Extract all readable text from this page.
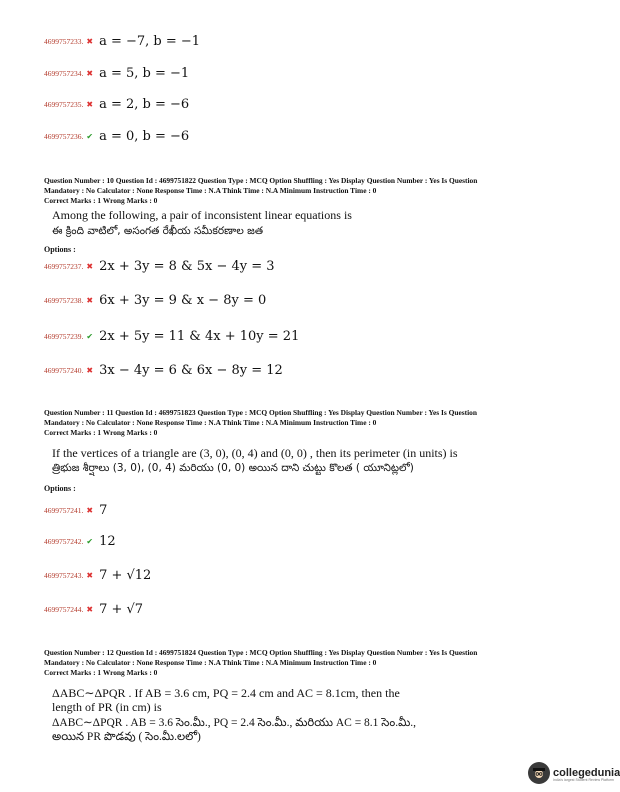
4699757233. ✖ a = −7, b = −1
4699757234. ✖ a = 5, b = −1
4699757235. ✖ a = 2, b = −6
4699757236. ✔ a = 0, b = −6
Question Number : 10 Question Id : 4699751822 Question Type : MCQ Option Shuffling : Yes Display Question Number : Yes Is Question
Mandatory : No Calculator : None Response Time : N.A Think Time : N.A Minimum Instruction Time : 0
Correct Marks : 1 Wrong Marks : 0
Among the following, a pair of inconsistent linear equations is
ఈ క్రింది వాటిలో, అసంగత రేఖీయ సమీకరణాల జత
Options :
4699757237. ✖ 2x + 3y = 8 & 5x − 4y = 3
4699757238. ✖ 6x + 3y = 9 & x − 8y = 0
4699757239. ✔ 2x + 5y = 11 & 4x + 10y = 21
4699757240. ✖ 3x − 4y = 6 & 6x − 8y = 12
Question Number : 11 Question Id : 4699751823 Question Type : MCQ Option Shuffling : Yes Display Question Number : Yes Is Question
Mandatory : No Calculator : None Response Time : N.A Think Time : N.A Minimum Instruction Time : 0
Correct Marks : 1 Wrong Marks : 0
If the vertices of a triangle are (3, 0), (0, 4) and (0, 0) , then its perimeter (in units) is
త్రిభుజ శీర్షాలు (3, 0), (0, 4) మరియు (0, 0) అయిన దాని చుట్టు కొలత ( యూనిట్లలో)
Options :
4699757241. ✖ 7
4699757242. ✔ 12
4699757243. ✖ 7 + √12
4699757244. ✖ 7 + √7
Question Number : 12 Question Id : 4699751824 Question Type : MCQ Option Shuffling : Yes Display Question Number : Yes Is Question
Mandatory : No Calculator : None Response Time : N.A Think Time : N.A Minimum Instruction Time : 0
Correct Marks : 1 Wrong Marks : 0
ΔABC∼ΔPQR . If AB = 3.6 cm, PQ = 2.4 cm and AC = 8.1cm, then the
length of PR (in cm) is
ΔABC∼ΔPQR . AB = 3.6 సెం.మీ., PQ = 2.4 సెం.మీ., మరియు AC = 8.1 సెం.మీ.,
అయిన PR పొడవు ( సెం.మీ.లలో)
collegedunia
India's largest Student Review Platform
